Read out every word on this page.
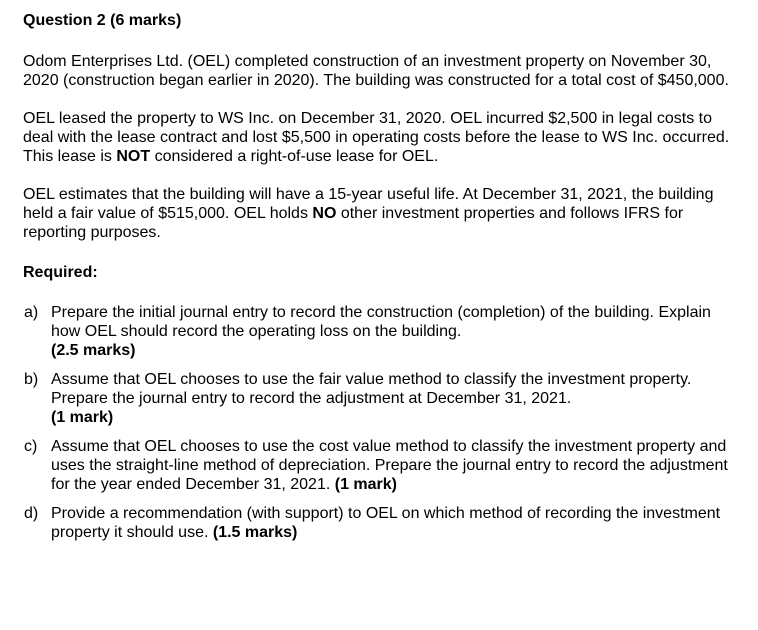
Question 2 (6 marks)

Odom Enterprises Ltd. (OEL) completed construction of an investment property on November 30, 2020 (construction began earlier in 2020). The building was constructed for a total cost of $450,000.

OEL leased the property to WS Inc. on December 31, 2020. OEL incurred $2,500 in legal costs to deal with the lease contract and lost $5,500 in operating costs before the lease to WS Inc. occurred. This lease is NOT considered a right-of-use lease for OEL.

OEL estimates that the building will have a 15-year useful life. At December 31, 2021, the building held a fair value of $515,000. OEL holds NO other investment properties and follows IFRS for reporting purposes.

Required:

a) Prepare the initial journal entry to record the construction (completion) of the building. Explain how OEL should record the operating loss on the building.
(2.5 marks)
b) Assume that OEL chooses to use the fair value method to classify the investment property. Prepare the journal entry to record the adjustment at December 31, 2021.
(1 mark)
c) Assume that OEL chooses to use the cost value method to classify the investment property and uses the straight-line method of depreciation. Prepare the journal entry to record the adjustment for the year ended December 31, 2021. (1 mark)
d) Provide a recommendation (with support) to OEL on which method of recording the investment property it should use. (1.5 marks)
